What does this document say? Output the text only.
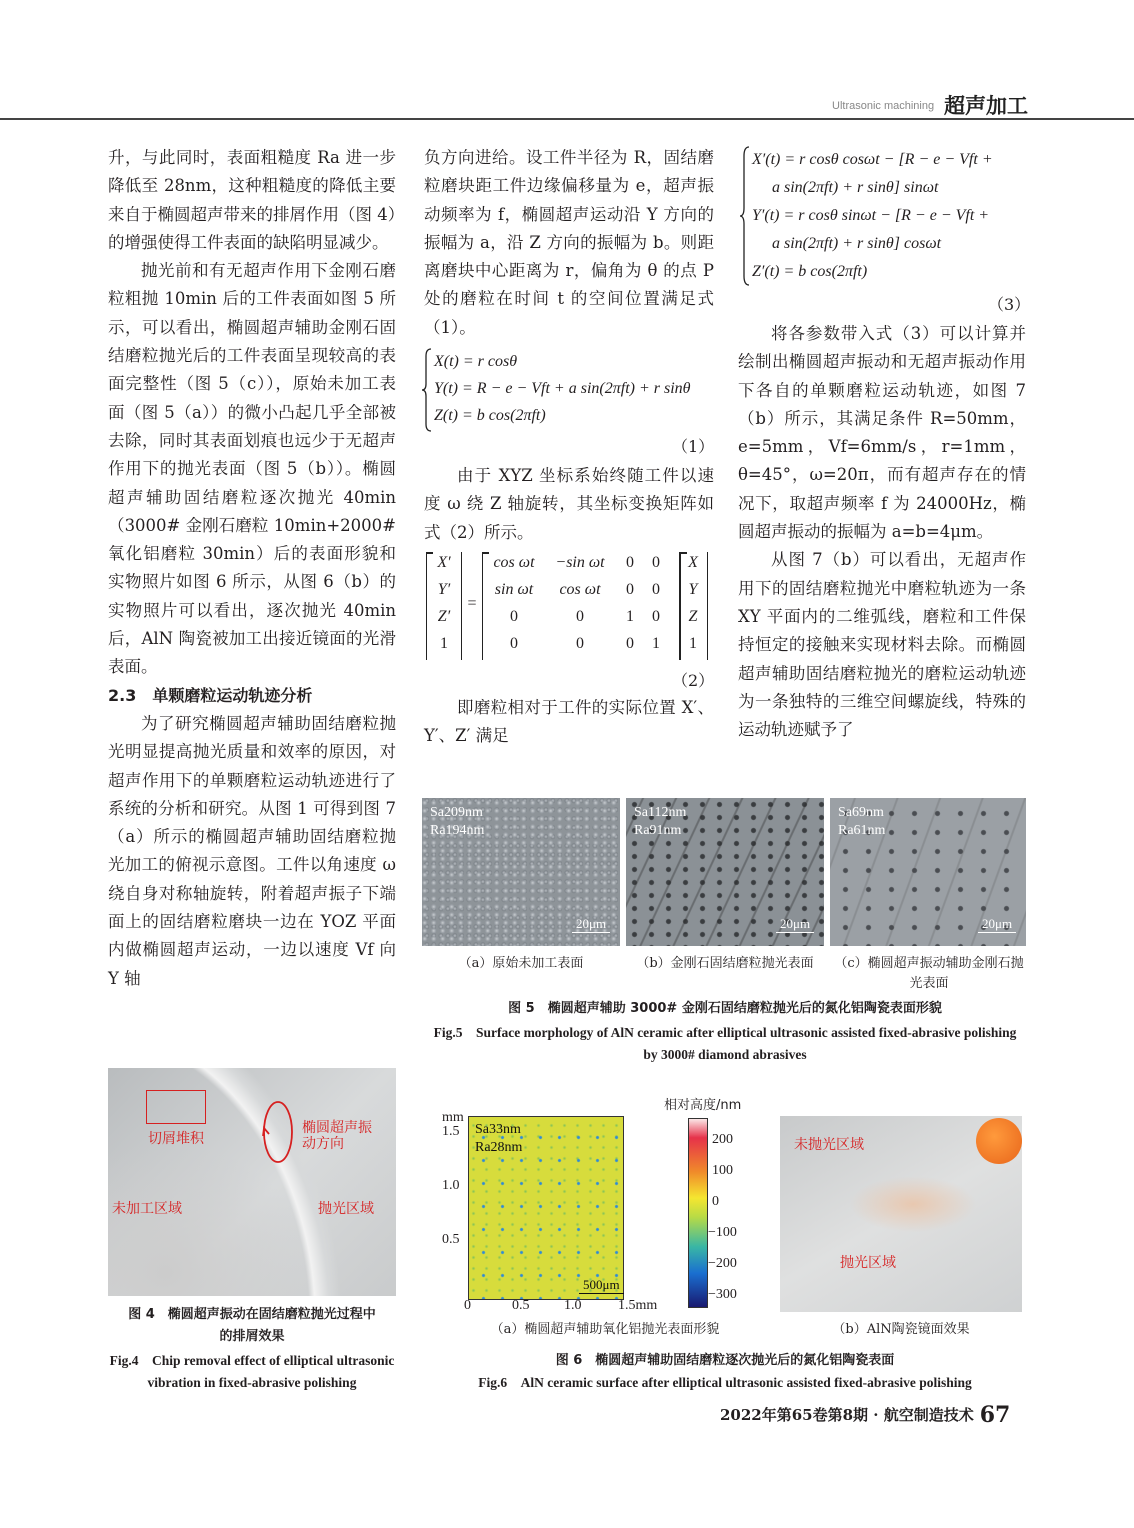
Ultrasonic machining 超声加工

升，与此同时，表面粗糙度 Ra 进一步降低至 28nm，这种粗糙度的降低主要来自于椭圆超声带来的排屑作用（图 4）的增强使得工件表面的缺陷明显减少。

抛光前和有无超声作用下金刚石磨粒粗抛 10min 后的工件表面如图 5 所示，可以看出，椭圆超声辅助金刚石固结磨粒抛光后的工件表面呈现较高的表面完整性（图 5（c）），原始未加工表面（图 5（a））的微小凸起几乎全部被去除，同时其表面划痕也远少于无超声作用下的抛光表面（图 5（b））。椭圆超声辅助固结磨粒逐次抛光 40min（3000# 金刚石磨粒 10min+2000# 氧化铝磨粒 30min）后的表面形貌和实物照片如图 6 所示，从图 6（b）的实物照片可以看出，逐次抛光 40min 后，AlN 陶瓷被加工出接近镜面的光滑表面。

2.3　单颗磨粒运动轨迹分析

为了研究椭圆超声辅助固结磨粒抛光明显提高抛光质量和效率的原因，对超声作用下的单颗磨粒运动轨迹进行了系统的分析和研究。从图 1 可得到图 7（a）所示的椭圆超声辅助固结磨粒抛光加工的俯视示意图。工件以角速度 ω 绕自身对称轴旋转，附着超声振子下端面上的固结磨粒磨块一边在 YOZ 平面内做椭圆超声运动，一边以速度 Vf 向 Y 轴

负方向进给。设工件半径为 R，固结磨粒磨块距工件边缘偏移量为 e，超声振动频率为 f，椭圆超声运动沿 Y 方向的振幅为 a，沿 Z 方向的振幅为 b。则距离磨块中心距离为 r，偏角为 θ 的点 P 处的磨粒在时间 t 的空间位置满足式（1）。

X(t) = r cosθ
Y(t) = R − e − Vft + a sin(2πft) + r sinθ
Z(t) = b cos(2πft)
（1）

由于 XYZ 坐标系始终随工件以速度 ω 绕 Z 轴旋转，其坐标变换矩阵如式（2）所示。

X′
Y′
Z′
1
=
cos ωt	−sin ωt	0	0
sin ωt	cos ωt	0	0
0	0	1	0
0	0	0	1
X
Y
Z
1
（2）

即磨粒相对于工件的实际位置 X′、Y′、Z′ 满足

X′(t) = r cosθ cosωt − [R − e − Vft +
a sin(2πft) + r sinθ] sinωt
Y′(t) = r cosθ sinωt − [R − e − Vft +
a sin(2πft) + r sinθ] cosωt
Z′(t) = b cos(2πft)
（3）

将各参数带入式（3）可以计算并绘制出椭圆超声振动和无超声振动作用下各自的单颗磨粒运动轨迹，如图 7（b）所示，其满足条件 R=50mm，e=5mm，Vf=6mm/s，r=1mm，θ=45°，ω=20π，而有超声存在的情况下，取超声频率 f 为 24000Hz，椭圆超声振动的振幅为 a=b=4μm。

从图 7（b）可以看出，无超声作用下的固结磨粒抛光中磨粒轨迹为一条 XY 平面内的二维弧线，磨粒和工件保持恒定的接触来实现材料去除。而椭圆超声辅助固结磨粒抛光的磨粒运动轨迹为一条独特的三维空间螺旋线，特殊的运动轨迹赋予了

Sa209nm
Ra194nm
20μm
Sa112nm
Ra91nm
20μm
Sa69nm
Ra61nm
20μm
（a）原始未加工表面	（b）金刚石固结磨粒抛光表面	（c）椭圆超声振动辅助金刚石抛光表面
图 5　椭圆超声辅助 3000# 金刚石固结磨粒抛光后的氮化铝陶瓷表面形貌
Fig.5　Surface morphology of AlN ceramic after elliptical ultrasonic assisted fixed-abrasive polishing by 3000# diamond abrasives
切屑堆积
椭圆超声振动方向
未加工区域	抛光区域
图 4　椭圆超声振动在固结磨粒抛光过程中的排屑效果
Fig.4　Chip removal effect of elliptical ultrasonic vibration in fixed-abrasive polishing
mm
1.5
1.0
0.5
Sa33nm
Ra28nm
500μm
0	0.5 1.0	1.5mm
相对高度/nm
200
100
0
−100
−200
−300
未抛光区域
抛光区域
（a）椭圆超声辅助氧化铝抛光表面形貌	（b）AlN陶瓷镜面效果
图 6　椭圆超声辅助固结磨粒逐次抛光后的氮化铝陶瓷表面
Fig.6　AlN ceramic surface after elliptical ultrasonic assisted fixed-abrasive polishing
2022年第65卷第8期 · 航空制造技术 67
